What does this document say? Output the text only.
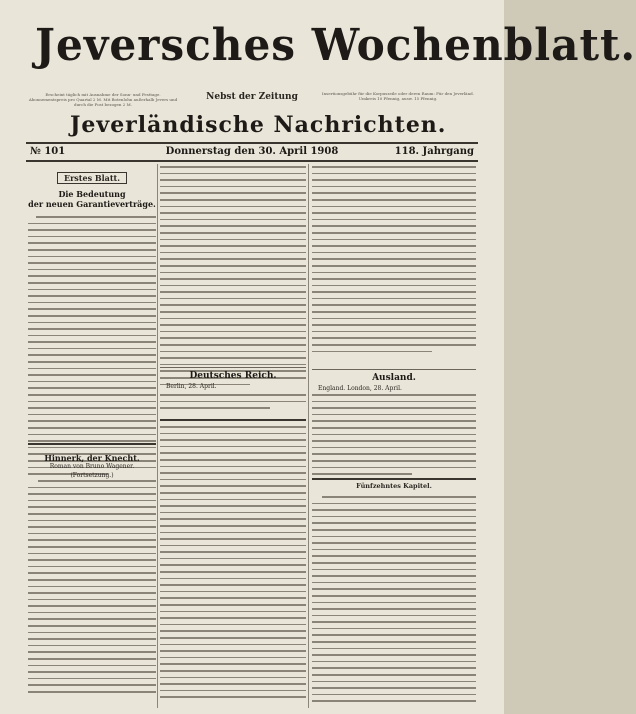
Jeversches Wochenblatt.
Erscheint täglich mit Ausnahme der Sonn- und Festtage. Abonnementspreis pro Quartal 2 M. Mit Botenlohn außerhalb Jevers und durch die Post bezogen 2 M.
Nebst der Zeitung	Insertionsgebühr für die Korpuszeile oder deren Raum: Für den Jeverländ. Umkreis 10 Pfennig, ausw. 15 Pfennig.
Jeverländische Nachrichten.
№ 101	Donnerstag den 30. April 1908	118. Jahrgang
Erstes Blatt.
Die Bedeutung
der neuen Garantieverträge.
Hinnerk, der Knecht.
Roman von Bruno Wagener.
(Fortsetzung.)
Deutsches Reich.
Berlin, 28. April.
Ausland.
England. London, 28. April.
Fünfzehntes Kapitel.
